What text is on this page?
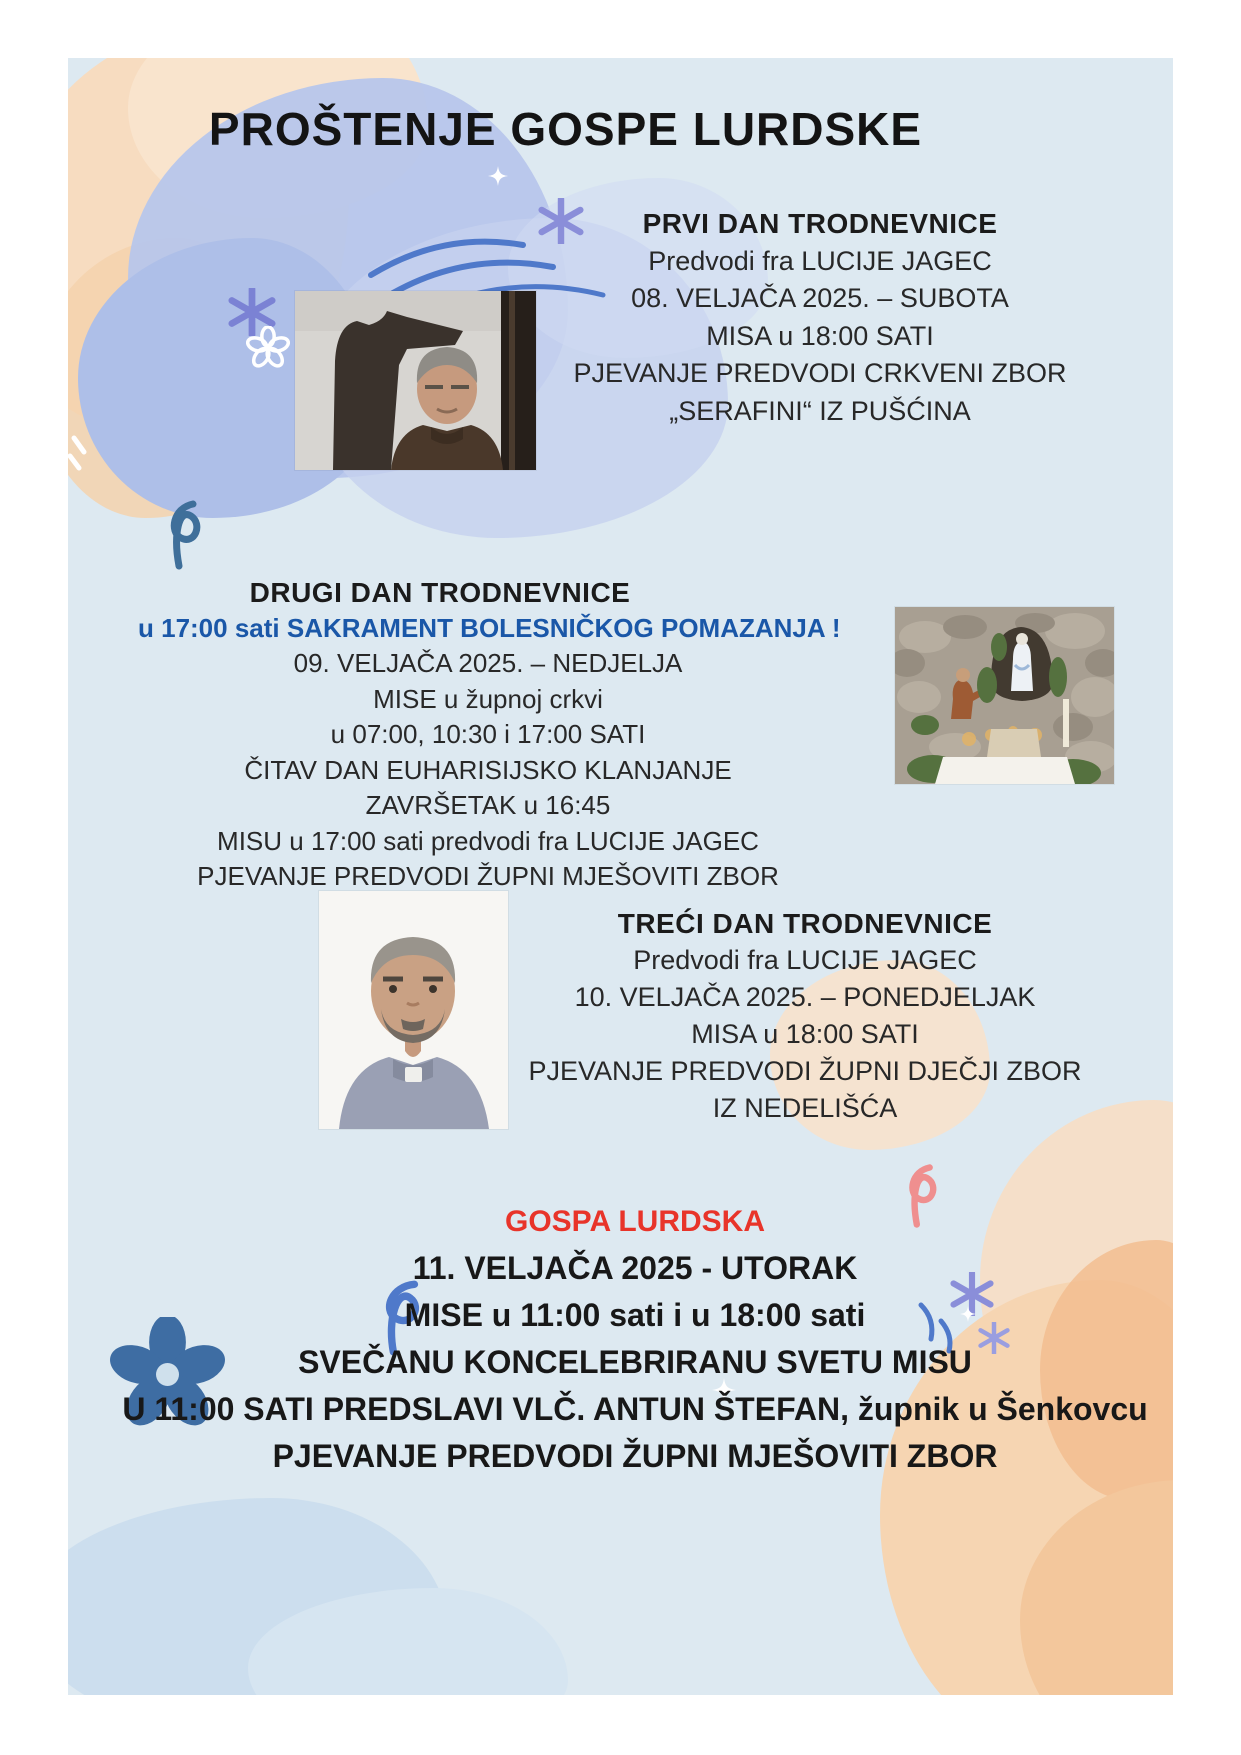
PROŠTENJE GOSPE LURDSKE
PRVI DAN TRODNEVNICE
Predvodi fra LUCIJE JAGEC
08. VELJAČA 2025. – SUBOTA
MISA u 18:00 SATI
PJEVANJE PREDVODI CRKVENI ZBOR
„SERAFINI“ IZ PUŠĆINA
DRUGI DAN TRODNEVNICE
u 17:00 sati SAKRAMENT BOLESNIČKOG POMAZANJA !
09. VELJAČA 2025. – NEDJELJA
MISE u župnoj crkvi
u 07:00, 10:30 i 17:00 SATI
ČITAV DAN EUHARISIJSKO KLANJANJE
ZAVRŠETAK u 16:45
MISU u 17:00 sati predvodi fra LUCIJE JAGEC
PJEVANJE PREDVODI ŽUPNI MJEŠOVITI ZBOR
TREĆI DAN TRODNEVNICE
Predvodi fra LUCIJE JAGEC
10. VELJAČA 2025. – PONEDJELJAK
MISA u 18:00 SATI
PJEVANJE PREDVODI ŽUPNI DJEČJI ZBOR
IZ NEDELIŠĆA
GOSPA LURDSKA
11. VELJAČA 2025 - UTORAK
MISE u 11:00 sati i u 18:00 sati
SVEČANU KONCELEBRIRANU SVETU MISU
U 11:00 SATI PREDSLAVI VLČ. ANTUN ŠTEFAN, župnik u Šenkovcu
PJEVANJE PREDVODI ŽUPNI MJEŠOVITI ZBOR
